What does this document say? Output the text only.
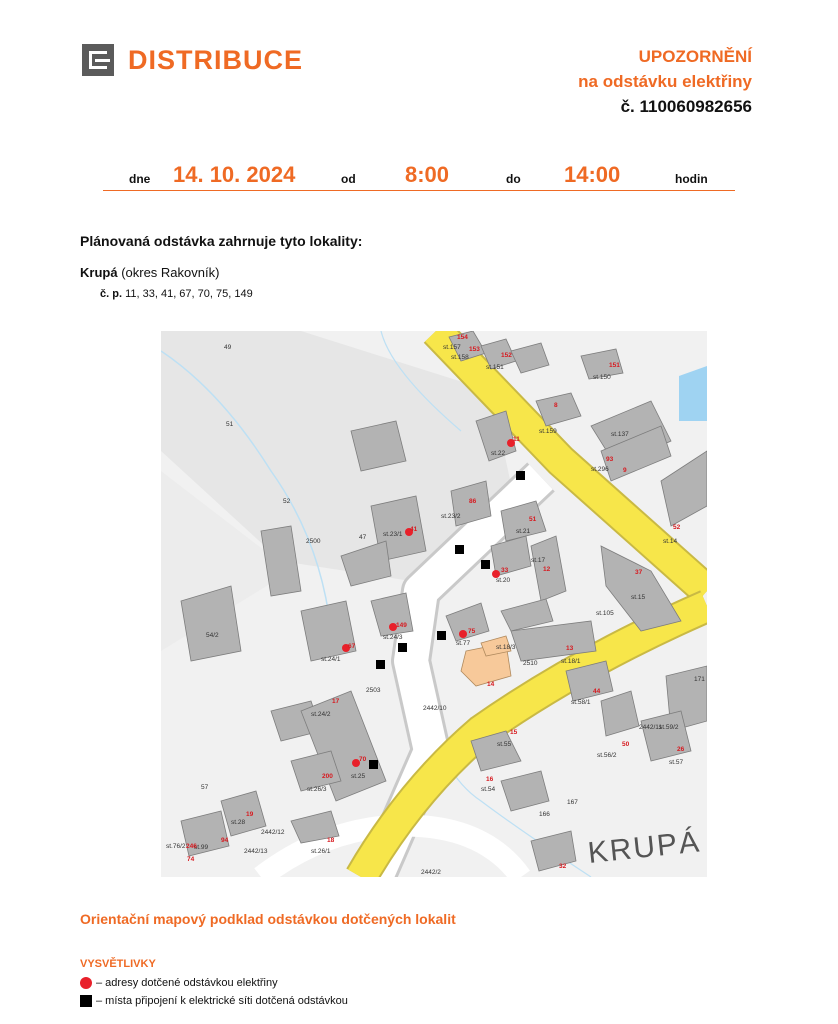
DISTRIBUCE	UPOZORNĚNÍ
na odstávku elektřiny
č. 110060982656
dne 14. 10. 2024	od 8:00	do 14:00	hodin
Plánovaná odstávka zahrnuje tyto lokality:
Krupá (okres Rakovník)
č. p. 11, 33, 41, 67, 70, 75, 149
154
st.157 153
st.158	152
st.151	151
st.150
8
st.159	st.137
11
st.22
93
st.296 9
49
51
52	86
st.23/2	51
st.21
52
st.14
2500
47	st.23/1
41
st.17
12
33
st.20
37
st.15
st.105
54/2
149
st.24/3
67
st.24/1
75
st.77
st.18/3	13
st.18/1
2510
14
2503
171
44
st.58/1
17
st.24/2
2442/10
15
st.55
2442/11
st.59/2
50
st.56/2
26
st.57
70
st.25
200
st.26/3
57
16
st.54
19
st.28
167
166
2442/12
94
st.99
2442/13
18
st.26/1
st.76/2 246
74
2442/2
32 KRUPÁ
Orientační mapový podklad odstávkou dotčených lokalit
VYSVĚTLIVKY
– adresy dotčené odstávkou elektřiny
– místa připojení k elektrické síti dotčená odstávkou
